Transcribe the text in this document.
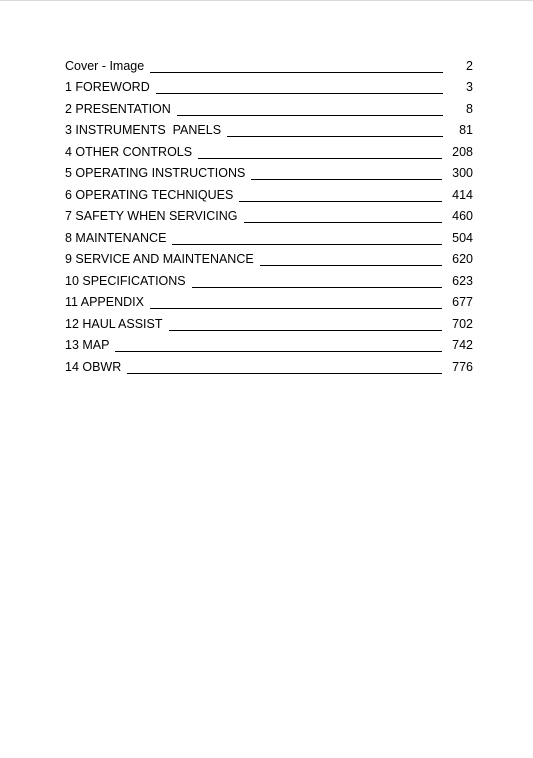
Cover - Image	2
1 FOREWORD	3
2 PRESENTATION	8
3 INSTRUMENTS  PANELS	81
4 OTHER CONTROLS	208
5 OPERATING INSTRUCTIONS	300
6 OPERATING TECHNIQUES	414
7 SAFETY WHEN SERVICING	460
8 MAINTENANCE	504
9 SERVICE AND MAINTENANCE	620
10 SPECIFICATIONS	623
11 APPENDIX	677
12 HAUL ASSIST	702
13 MAP	742
14 OBWR	776
